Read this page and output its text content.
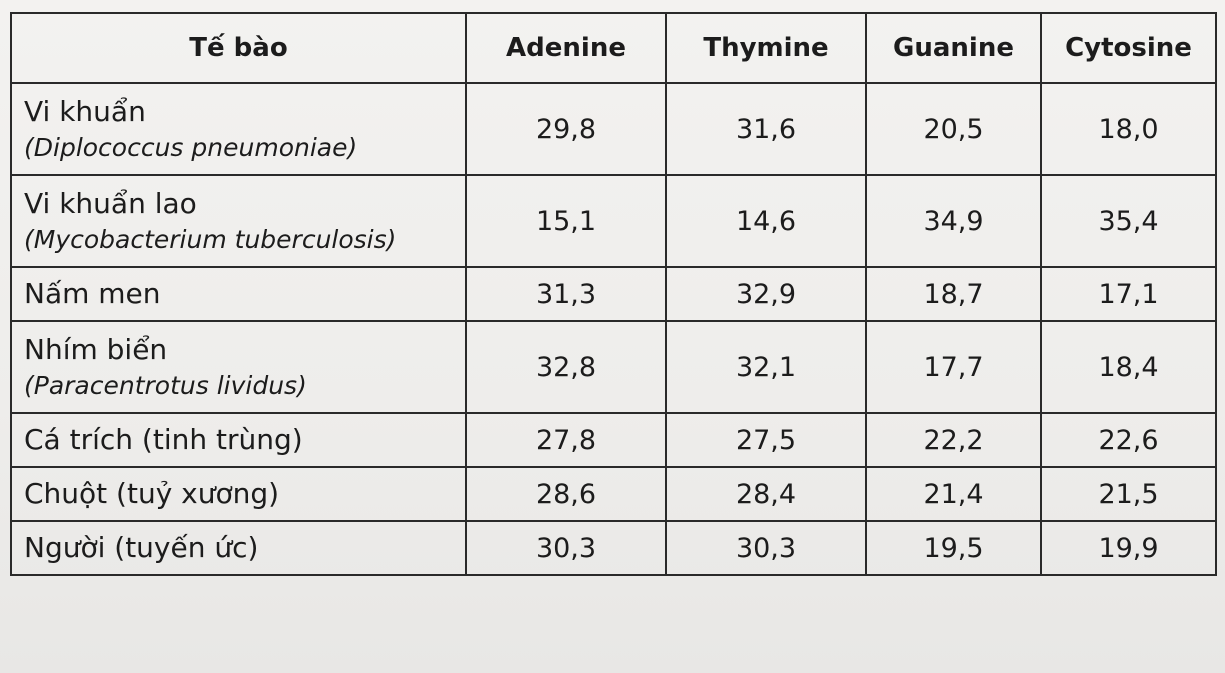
Tế bào	Adenine	Thymine	Guanine	Cytosine
Vi khuẩn
(Diplococcus pneumoniae)	29,8	31,6	20,5	18,0
Vi khuẩn lao
(Mycobacterium tuberculosis)	15,1	14,6	34,9	35,4
Nấm men	31,3	32,9	18,7	17,1
Nhím biển
(Paracentrotus lividus)	32,8	32,1	17,7	18,4
Cá trích (tinh trùng)	27,8	27,5	22,2	22,6
Chuột (tuỷ xương)	28,6	28,4	21,4	21,5
Người (tuyến ức)	30,3	30,3	19,5	19,9
